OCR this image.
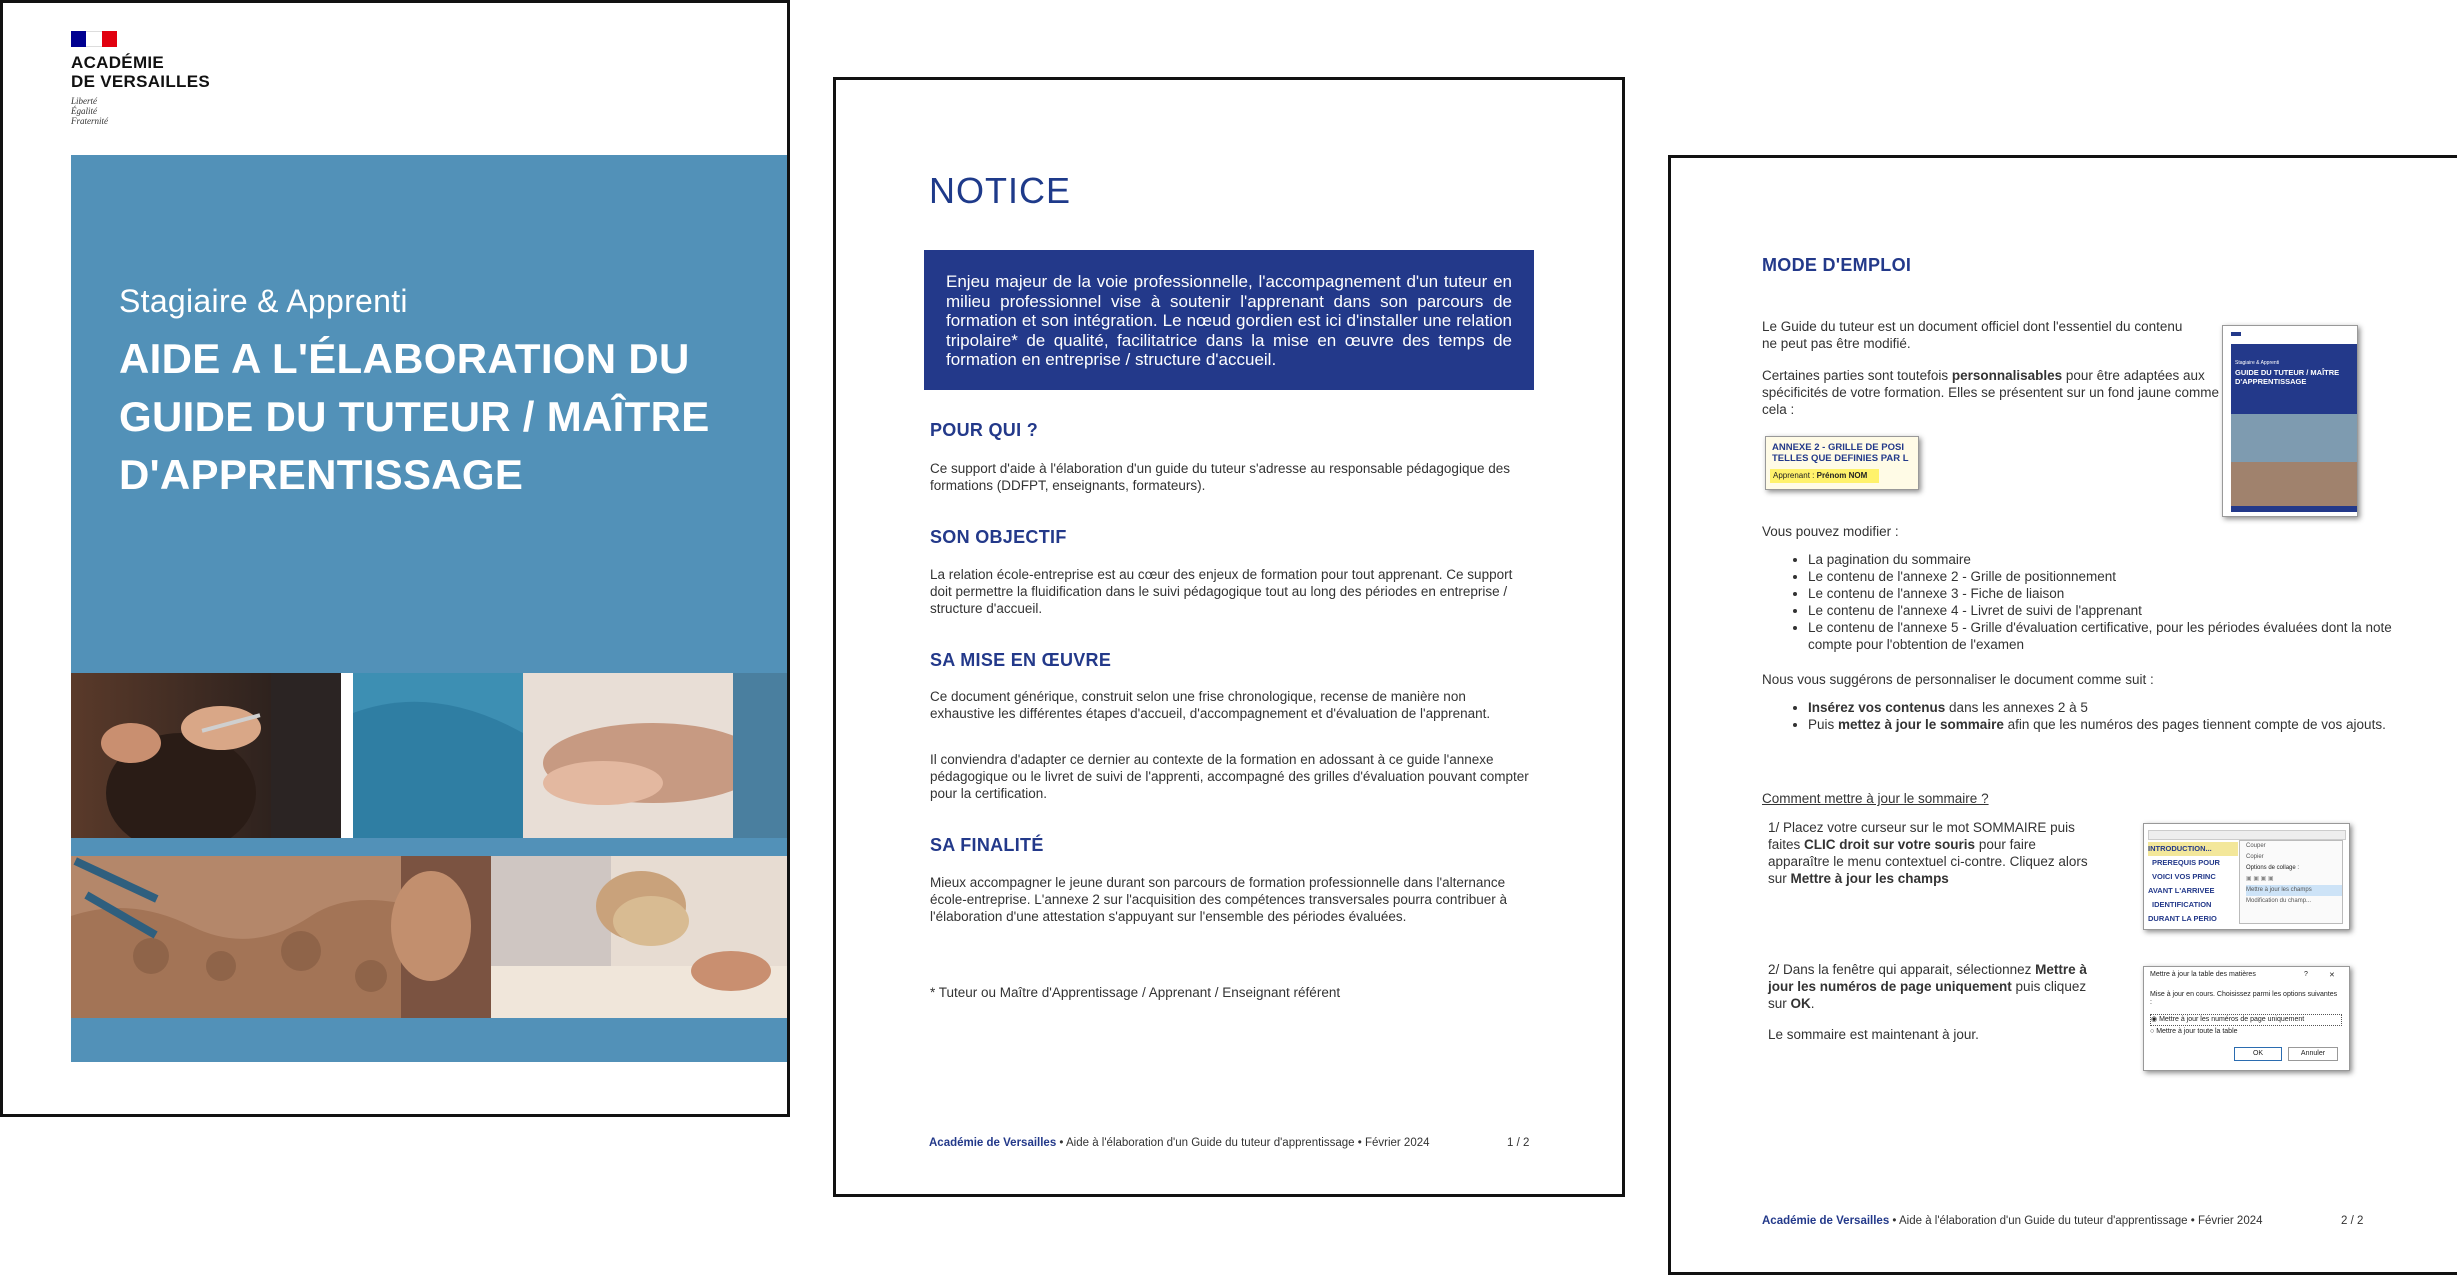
ACADÉMIE
DE VERSAILLES
Liberté
Égalité
Fraternité
Stagiaire & Apprenti
AIDE A L'ÉLABORATION DU GUIDE DU TUTEUR / MAÎTRE D'APPRENTISSAGE
NOTICE
Enjeu majeur de la voie professionnelle, l'accompagnement d'un tuteur en milieu professionnel vise à soutenir l'apprenant dans son parcours de formation et son intégration. Le nœud gordien est ici d'installer une relation tripolaire* de qualité, facilitatrice dans la mise en œuvre des temps de formation en entreprise / structure d'accueil.
POUR QUI ?
Ce support d'aide à l'élaboration d'un guide du tuteur s'adresse au responsable pédagogique des formations (DDFPT, enseignants, formateurs).
SON OBJECTIF
La relation école-entreprise est au cœur des enjeux de formation pour tout apprenant. Ce support doit permettre la fluidification dans le suivi pédagogique tout au long des périodes en entreprise / structure d'accueil.
SA MISE EN ŒUVRE
Ce document générique, construit selon une frise chronologique, recense de manière non exhaustive les différentes étapes d'accueil, d'accompagnement et d'évaluation de l'apprenant.
Il conviendra d'adapter ce dernier au contexte de la formation en adossant à ce guide l'annexe pédagogique ou le livret de suivi de l'apprenti, accompagné des grilles d'évaluation pouvant compter pour la certification.
SA FINALITÉ
Mieux accompagner le jeune durant son parcours de formation professionnelle dans l'alternance école-entreprise. L'annexe 2 sur l'acquisition des compétences transversales pourra contribuer à l'élaboration d'une attestation s'appuyant sur l'ensemble des périodes évaluées.
* Tuteur ou Maître d'Apprentissage / Apprenant / Enseignant référent
Académie de Versailles • Aide à l'élaboration d'un Guide du tuteur d'apprentissage • Février 2024	1 / 2
MODE D'EMPLOI
Le Guide du tuteur est un document officiel dont l'essentiel du contenu ne peut pas être modifié.
Certaines parties sont toutefois personnalisables pour être adaptées aux spécificités de votre formation. Elles se présentent sur un fond jaune comme cela :
ANNEXE 2 - GRILLE DE POSI
TELLES QUE DEFINIES PAR L
Apprenant : Prénom NOM
Stagiaire & Apprenti
GUIDE DU TUTEUR / MAÎTRE D'APPRENTISSAGE
Vous pouvez modifier :
• La pagination du sommaire
• Le contenu de l'annexe 2 - Grille de positionnement
• Le contenu de l'annexe 3 - Fiche de liaison
• Le contenu de l'annexe 4 - Livret de suivi de l'apprenant
• Le contenu de l'annexe 5 - Grille d'évaluation certificative, pour les périodes évaluées dont la note compte pour l'obtention de l'examen
Nous vous suggérons de personnaliser le document comme suit :
• Insérez vos contenus dans les annexes 2 à 5
• Puis mettez à jour le sommaire afin que les numéros des pages tiennent compte de vos ajouts.
Comment mettre à jour le sommaire ?
1/ Placez votre curseur sur le mot SOMMAIRE puis faites CLIC droit sur votre souris pour faire apparaître le menu contextuel ci-contre. Cliquez alors sur Mettre à jour les champs
INTRODUCTION...
PREREQUIS POUR
VOICI VOS PRINC
AVANT L'ARRIVEE
IDENTIFICATION
DURANT LA PERIO
Couper
Copier
Options de collage :
▣ ▣ ▣ ▣
Mettre à jour les champs
Modification du champ...
2/ Dans la fenêtre qui apparait, sélectionnez Mettre à jour les numéros de page uniquement puis cliquez sur OK.
Le sommaire est maintenant à jour.
Mettre à jour la table des matières	?	✕
Mise à jour en cours. Choisissez parmi les options suivantes :
◉ Mettre à jour les numéros de page uniquement
○ Mettre à jour toute la table
OK	Annuler
Académie de Versailles • Aide à l'élaboration d'un Guide du tuteur d'apprentissage • Février 2024	2 / 2
